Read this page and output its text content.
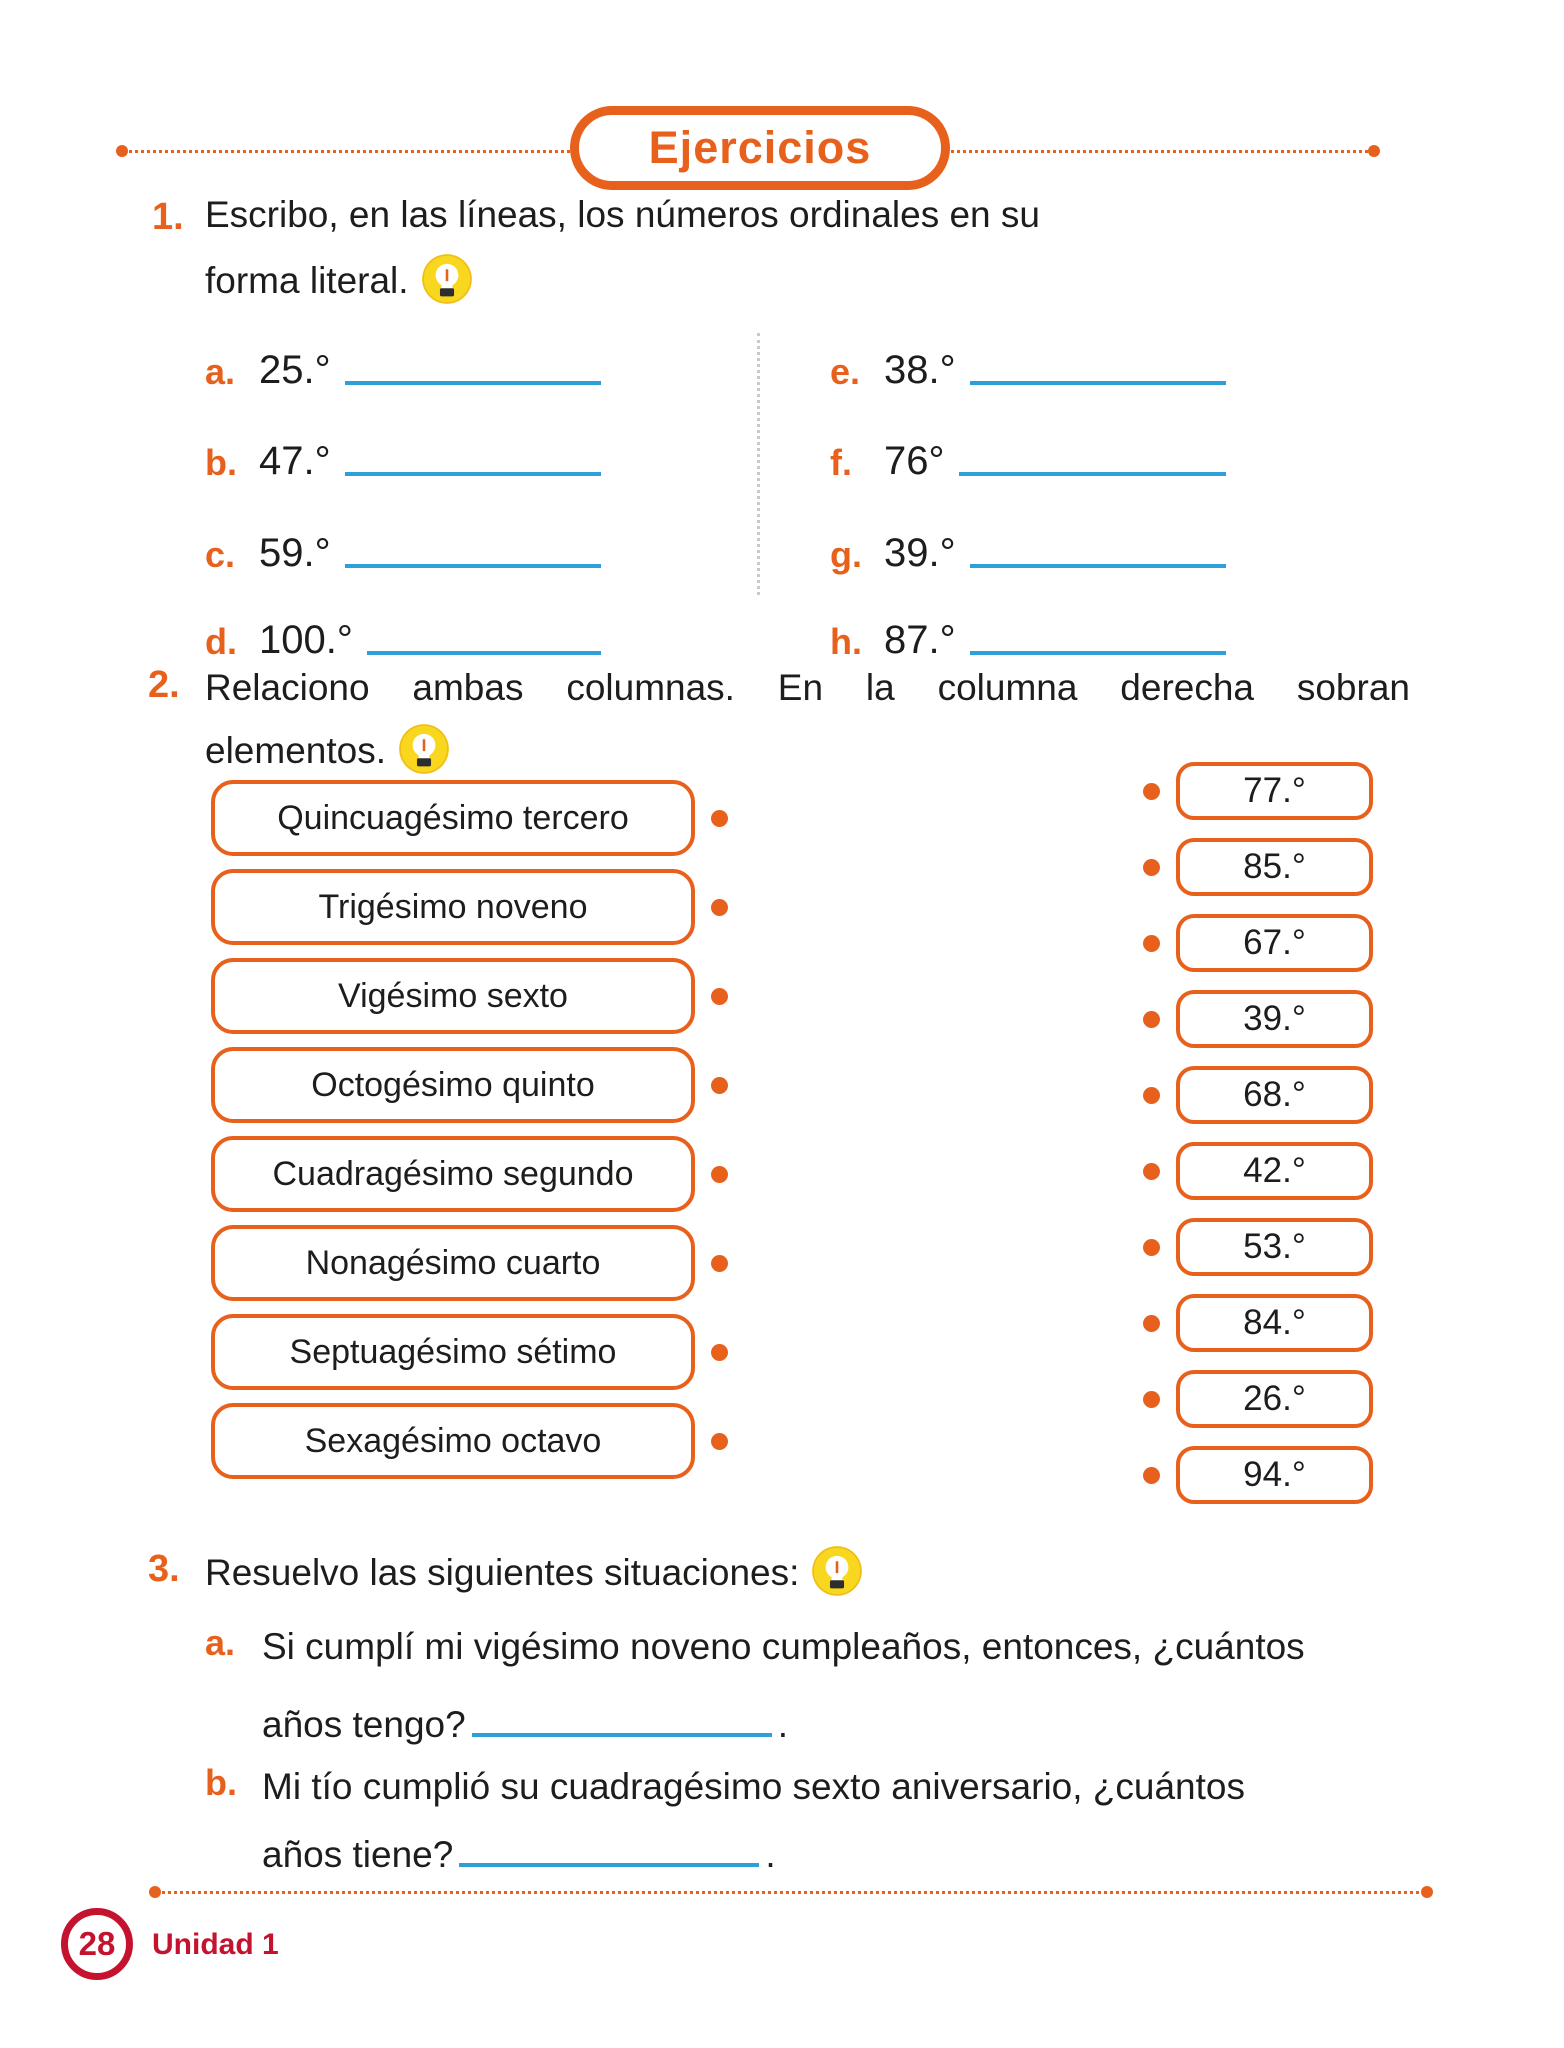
Ejercicios
1. Escribo, en las líneas, los números ordinales en su
forma literal.
a. 25.°
b. 47.°
c. 59.°
d. 100.°
e. 38.°
f. 76°
g. 39.°
h. 87.°
2. Relaciono ambas columnas. En la columna derecha sobran
elementos.
Quincuagésimo tercero
Trigésimo noveno
Vigésimo sexto
Octogésimo quinto
Cuadragésimo segundo
Nonagésimo cuarto
Septuagésimo sétimo
Sexagésimo octavo
77.°
85.°
67.°
39.°
68.°
42.°
53.°
84.°
26.°
94.°
3. Resuelvo las siguientes situaciones:
a. Si cumplí mi vigésimo noveno cumpleaños, entonces, ¿cuántos
años tengo?	.
b. Mi tío cumplió su cuadragésimo sexto aniversario, ¿cuántos
años tiene?	.
28 Unidad 1
